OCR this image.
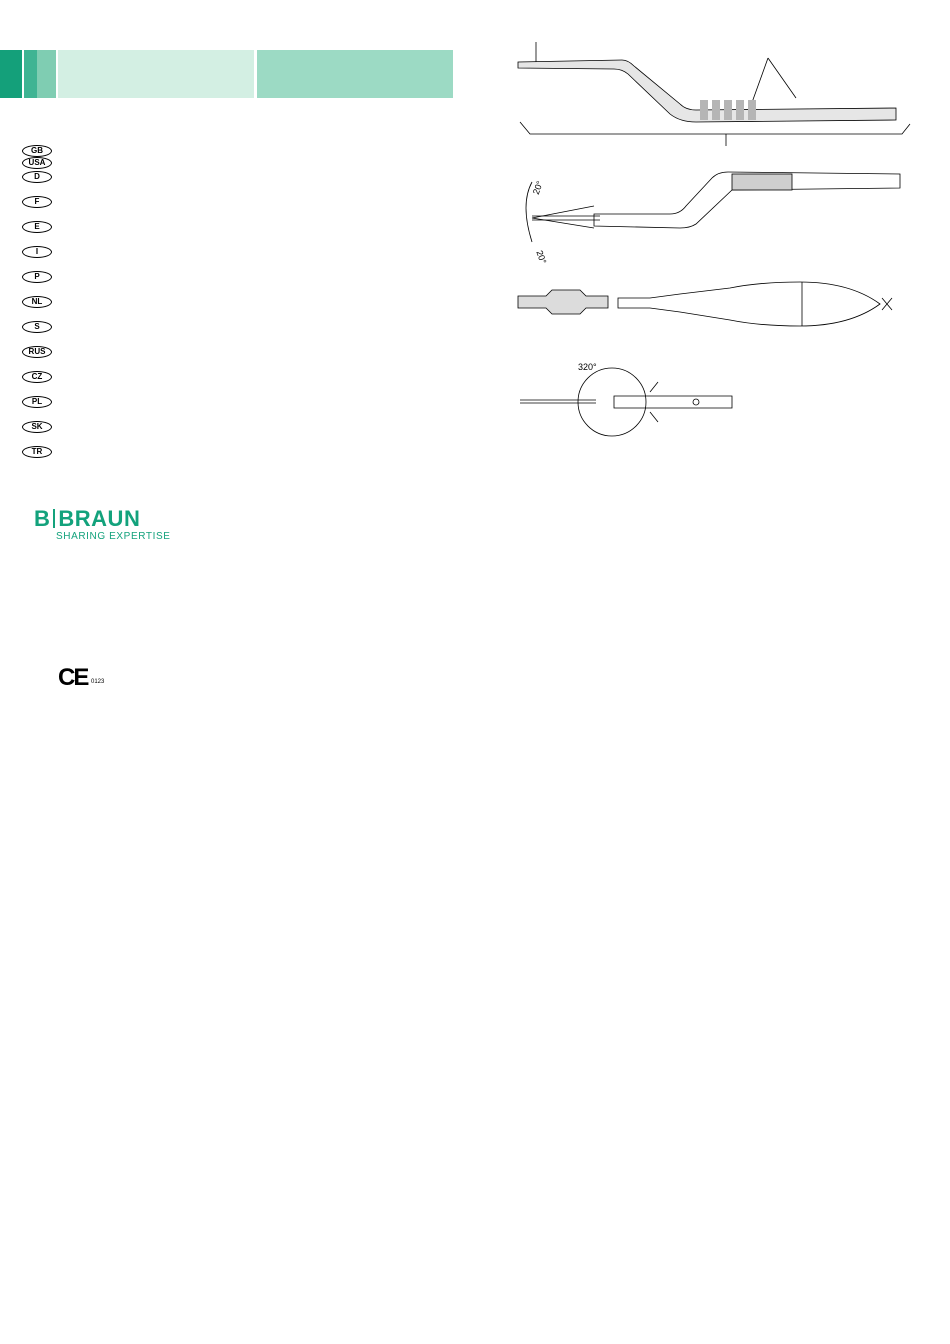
GB
USA
D
F
E
I
P
NL
S
RUS
CZ
PL
SK
TR
B BRAUN
SHARING EXPERTISE
CE 0123
20°
20°
320°
